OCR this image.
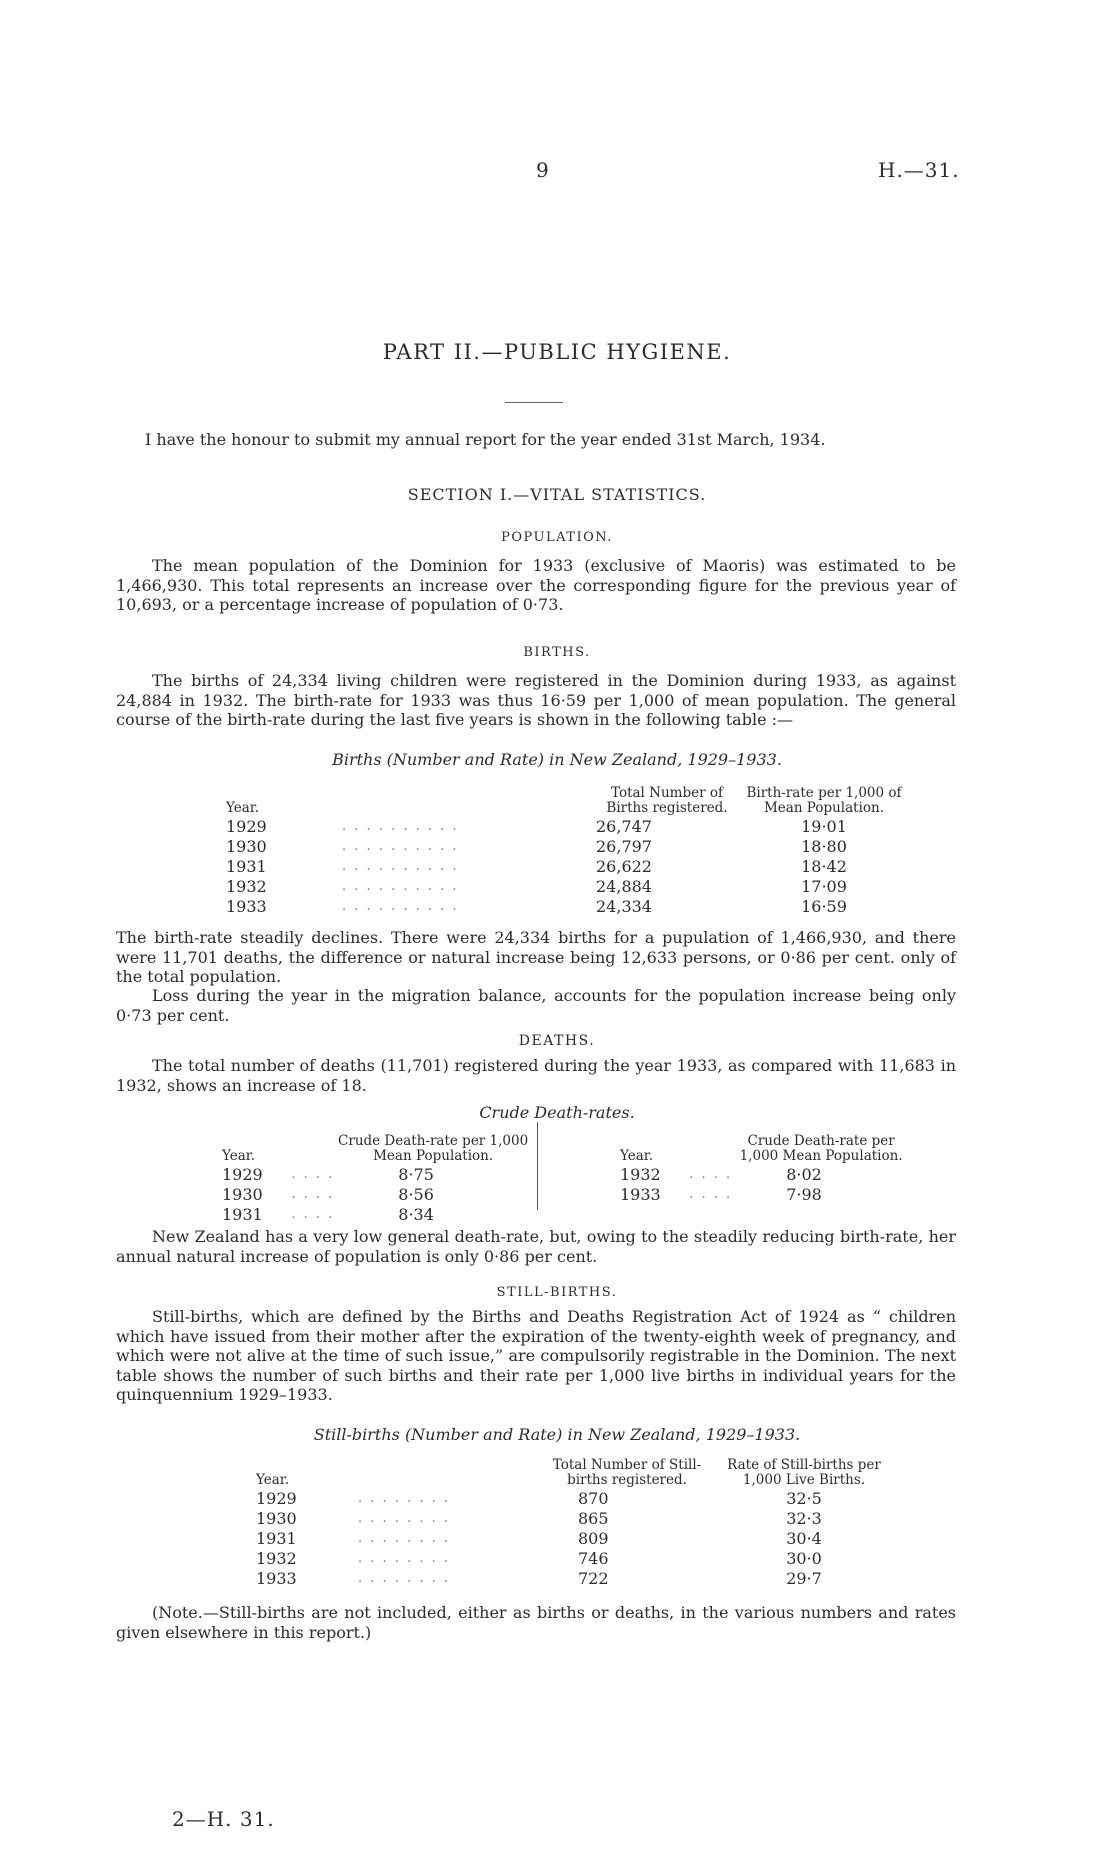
9	H.—31.
PART II.—PUBLIC HYGIENE.
I have the honour to submit my annual report for the year ended 31st March, 1934.
SECTION I.—VITAL STATISTICS.
POPULATION.
The mean population of the Dominion for 1933 (exclusive of Maoris) was estimated to be 1,466,930. This total represents an increase over the corresponding figure for the previous year of 10,693, or a percentage increase of population of 0·73.
BIRTHS.
The births of 24,334 living children were registered in the Dominion during 1933, as against 24,884 in 1932. The birth-rate for 1933 was thus 16·59 per 1,000 of mean population. The general course of the birth-rate during the last five years is shown in the following table :—
Births (Number and Rate) in New Zealand, 1929–1933.
Year.		Total Number of Births registered.	Birth-rate per 1,000 of Mean Population.
1929	. . . . . . . . . .	26,747	19·01
1930	. . . . . . . . . .	26,797	18·80
1931	. . . . . . . . . .	26,622	18·42
1932	. . . . . . . . . .	24,884	17·09
1933	. . . . . . . . . .	24,334	16·59
The birth-rate steadily declines. There were 24,334 births for a pupulation of 1,466,930, and there were 11,701 deaths, the difference or natural increase being 12,633 persons, or 0·86 per cent. only of the total population.
Loss during the year in the migration balance, accounts for the population increase being only 0·73 per cent.
DEATHS.
The total number of deaths (11,701) registered during the year 1933, as compared with 11,683 in 1932, shows an increase of 18.
Crude Death-rates.
Year.		Crude Death-rate per 1,000 Mean Population.
1929	. . . .	8·75
1930	. . . .	8·56
1931	. . . .	8·34
Year.		Crude Death-rate per 1,000 Mean Population.
1932	. . . .	8·02
1933	. . . .	7·98
New Zealand has a very low general death-rate, but, owing to the steadily reducing birth-rate, her annual natural increase of population is only 0·86 per cent.
STILL-BIRTHS.
Still-births, which are defined by the Births and Deaths Registration Act of 1924 as “ children which have issued from their mother after the expiration of the twenty-eighth week of pregnancy, and which were not alive at the time of such issue,” are compulsorily registrable in the Dominion. The next table shows the number of such births and their rate per 1,000 live births in individual years for the quinquennium 1929–1933.
Still-births (Number and Rate) in New Zealand, 1929–1933.
Year.		Total Number of Still-births registered.	Rate of Still-births per 1,000 Live Births.
1929	. . . . . . . .	870	32·5
1930	. . . . . . . .	865	32·3
1931	. . . . . . . .	809	30·4
1932	. . . . . . . .	746	30·0
1933	. . . . . . . .	722	29·7
(Note.—Still-births are not included, either as births or deaths, in the various numbers and rates given elsewhere in this report.)
2—H. 31.
